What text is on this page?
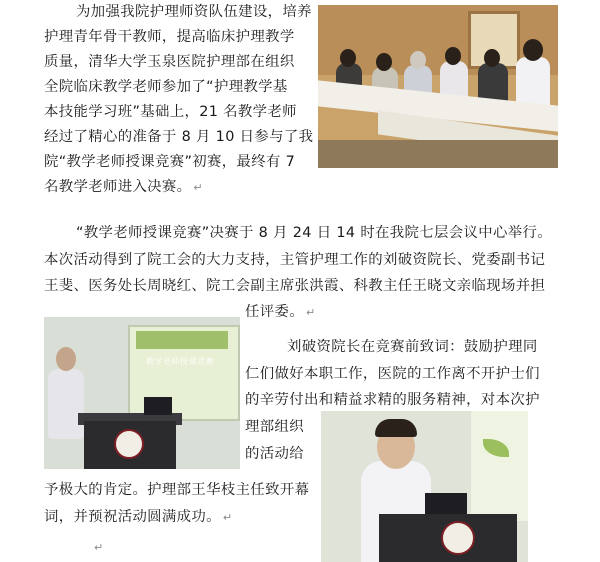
为加强我院护理师资队伍建设，培养
护理青年骨干教师，提高临床护理教学
质量，清华大学玉泉医院护理部在组织
全院临床教学老师参加了“护理教学基
本技能学习班”基础上，21 名教学老师
经过了精心的准备于 8 月 10 日参与了我
院“教学老师授课竞赛”初赛，最终有 7
名教学老师进入决赛。 ↵
“教学老师授课竞赛”决赛于 8 月 24 日 14 时在我院七层会议中心举行。
本次活动得到了院工会的大力支持，主管护理工作的刘破资院长、党委副书记
王斐、医务处长周晓红、院工会副主席张洪霞、科教主任王晓文亲临现场并担
任评委。 ↵
刘破资院长在竞赛前致词：鼓励护理同
仁们做好本职工作，医院的工作离不开护士们
的辛劳付出和精益求精的服务精神，对本次护
理部组织
的活动给
予极大的肯定。护理部王华枝主任致开幕
词，并预祝活动圆满成功。 ↵
↵
教学老师授课竞赛
